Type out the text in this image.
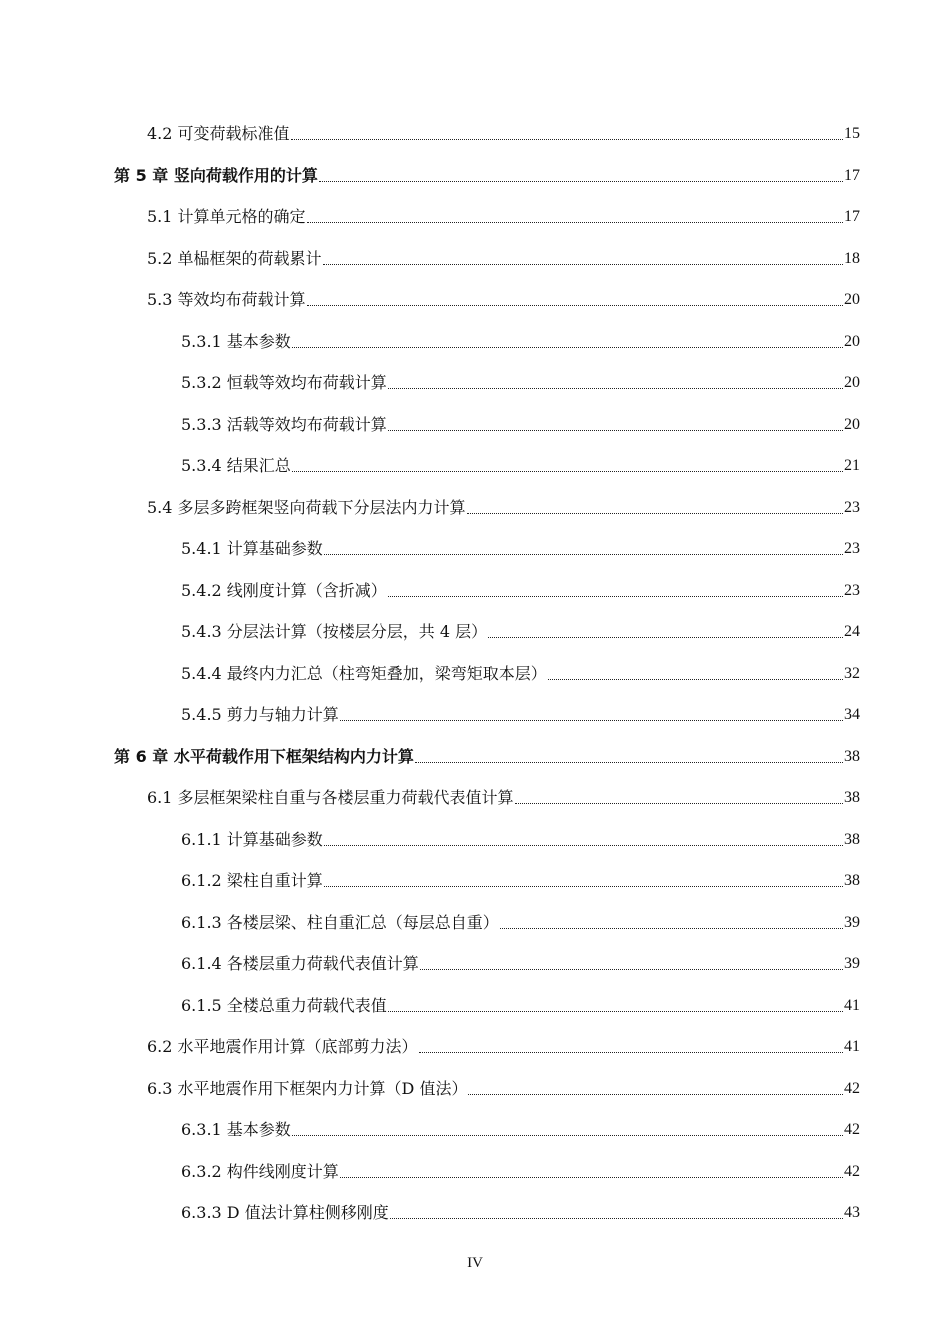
4.2 可变荷载标准值	15
第 5 章 竖向荷载作用的计算	17
5.1 计算单元格的确定	17
5.2 单榀框架的荷载累计	18
5.3 等效均布荷载计算	20
5.3.1 基本参数	20
5.3.2 恒载等效均布荷载计算	20
5.3.3 活载等效均布荷载计算	20
5.3.4 结果汇总	21
5.4 多层多跨框架竖向荷载下分层法内力计算	23
5.4.1 计算基础参数	23
5.4.2 线刚度计算（含折减）	23
5.4.3 分层法计算（按楼层分层，共 4 层）	24
5.4.4 最终内力汇总（柱弯矩叠加，梁弯矩取本层）	32
5.4.5 剪力与轴力计算	34
第 6 章 水平荷载作用下框架结构内力计算	38
6.1 多层框架梁柱自重与各楼层重力荷载代表值计算	38
6.1.1 计算基础参数	38
6.1.2 梁柱自重计算	38
6.1.3 各楼层梁、柱自重汇总（每层总自重）	39
6.1.4 各楼层重力荷载代表值计算	39
6.1.5 全楼总重力荷载代表值	41
6.2 水平地震作用计算（底部剪力法）	41
6.3 水平地震作用下框架内力计算（D 值法）	42
6.3.1 基本参数	42
6.3.2 构件线刚度计算	42
6.3.3 D 值法计算柱侧移刚度	43
IV
